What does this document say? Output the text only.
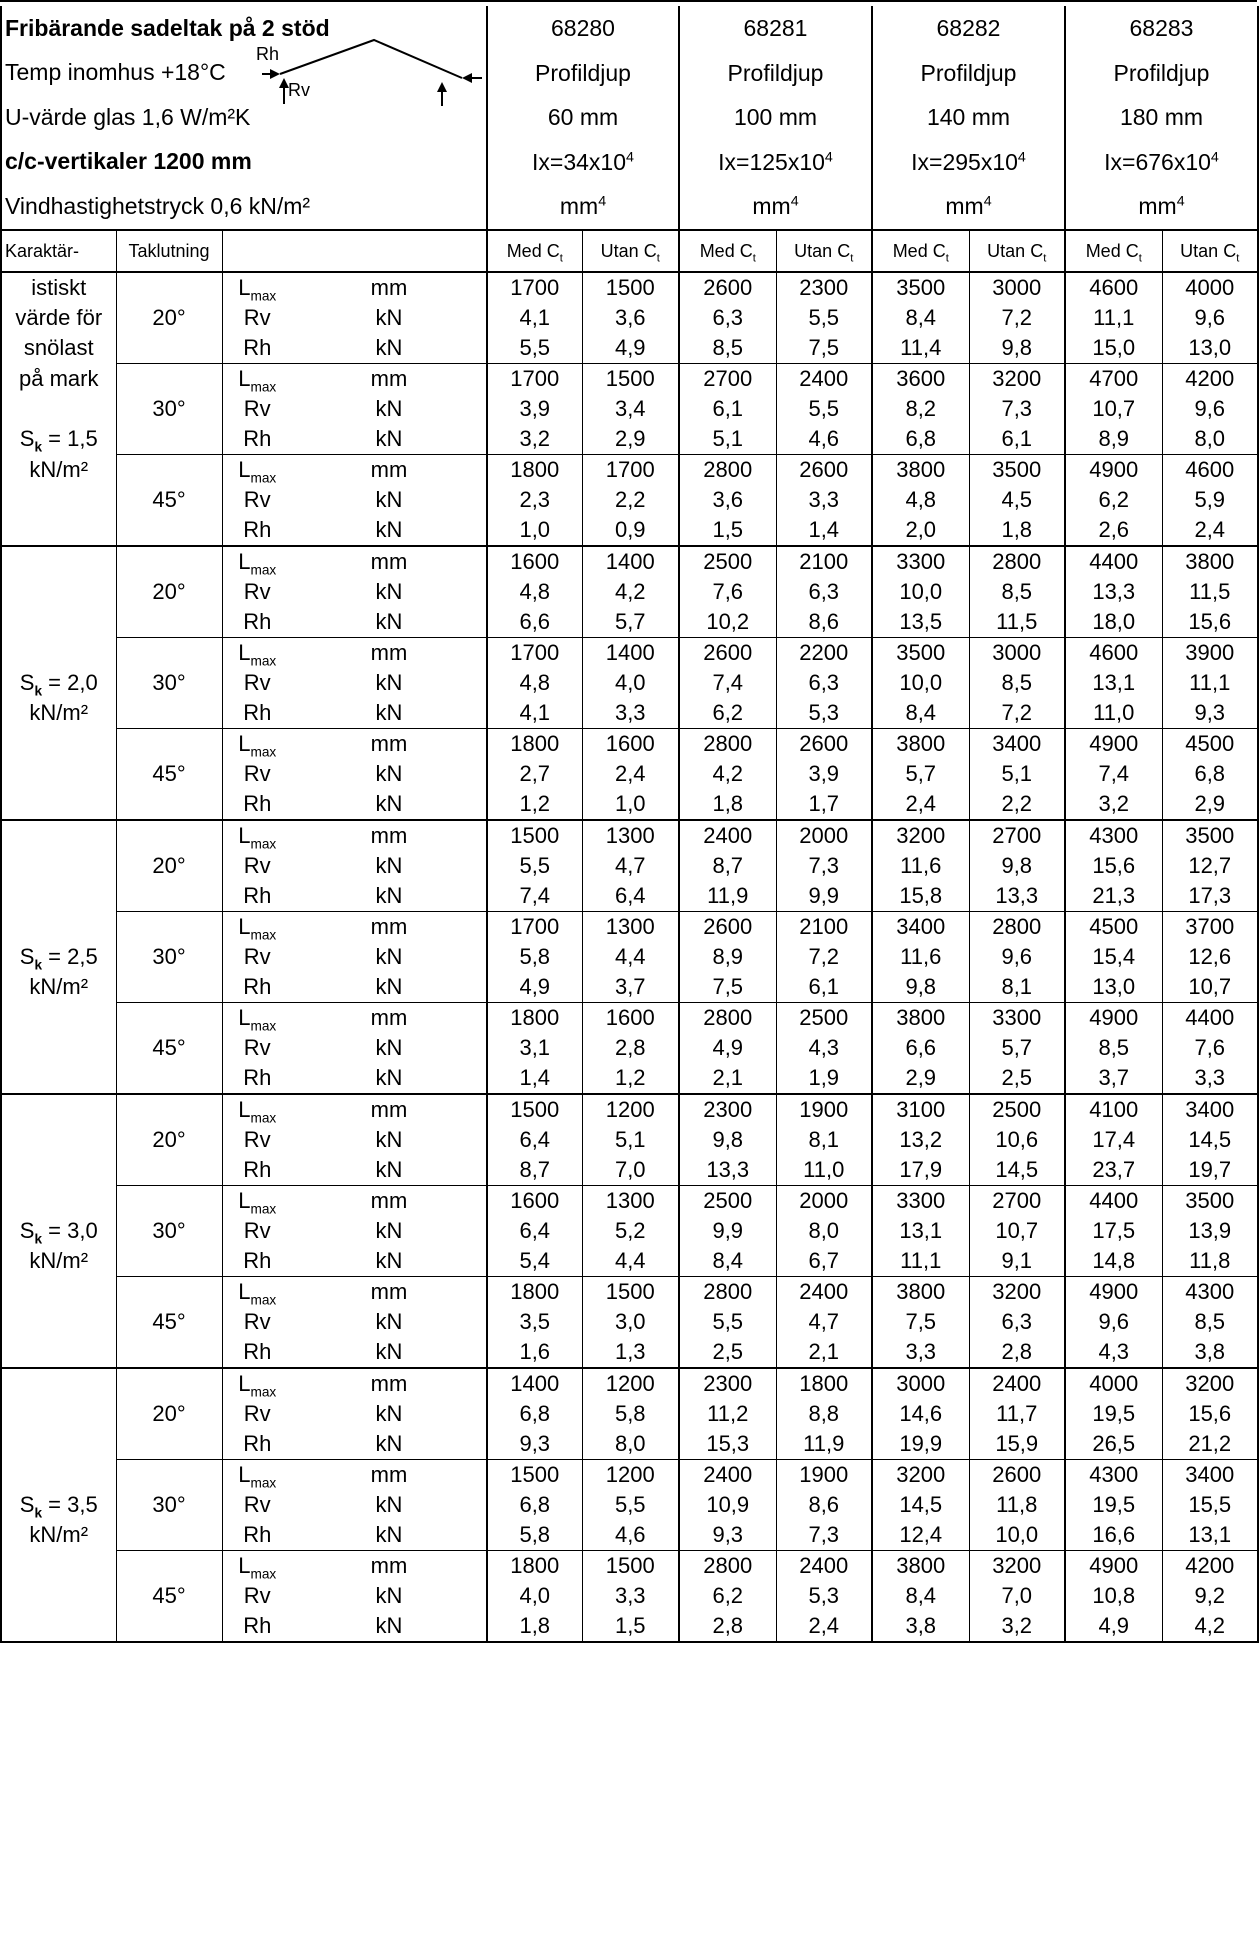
Fribärande sadeltak på 2 stöd	68280	68281	68282	68283
Temp inomhus +18°C	Profildjup	Profildjup	Profildjup	Profildjup
U-värde glas 1,6 W/m²K	60 mm	100 mm	140 mm	180 mm
c/c-vertikaler 1200 mm	$Ix=34x10^4$	$Ix=125x10^4$	$Ix=295x10^4$	$Ix=676x10^4$
Vindhastighetstryck 0,6 kN/m²	$mm^4$	$mm^4$	$mm^4$	$mm^4$
Rh
Rv
Karaktär-	Taklutning			Med $C_t$	Utan $C_t$	Med $C_t$	Utan $C_t$	Med $C_t$	Utan $C_t$	Med $C_t$	Utan $C_t$
istiskt		$L_{max}$	mm	1700	1500	2600	2300	3500	3000	4600	4000
värde för	20°	Rv	kN	4,1	3,6	6,3	5,5	8,4	7,2	11,1	9,6
snölast		Rh	kN	5,5	4,9	8,5	7,5	11,4	9,8	15,0	13,0
på mark		$L_{max}$	mm	1700	1500	2700	2400	3600	3200	4700	4200
	30°	Rv	kN	3,9	3,4	6,1	5,5	8,2	7,3	10,7	9,6
$S_k = 1,5$		Rh	kN	3,2	2,9	5,1	4,6	6,8	6,1	8,9	8,0
kN/m²		$L_{max}$	mm	1800	1700	2800	2600	3800	3500	4900	4600
	45°	Rv	kN	2,3	2,2	3,6	3,3	4,8	4,5	6,2	5,9
		Rh	kN	1,0	0,9	1,5	1,4	2,0	1,8	2,6	2,4
		$L_{max}$	mm	1600	1400	2500	2100	3300	2800	4400	3800
	20°	Rv	kN	4,8	4,2	7,6	6,3	10,0	8,5	13,3	11,5
		Rh	kN	6,6	5,7	10,2	8,6	13,5	11,5	18,0	15,6
		$L_{max}$	mm	1700	1400	2600	2200	3500	3000	4600	3900
$S_k = 2,0$	30°	Rv	kN	4,8	4,0	7,4	6,3	10,0	8,5	13,1	11,1
kN/m²		Rh	kN	4,1	3,3	6,2	5,3	8,4	7,2	11,0	9,3
		$L_{max}$	mm	1800	1600	2800	2600	3800	3400	4900	4500
	45°	Rv	kN	2,7	2,4	4,2	3,9	5,7	5,1	7,4	6,8
		Rh	kN	1,2	1,0	1,8	1,7	2,4	2,2	3,2	2,9
		$L_{max}$	mm	1500	1300	2400	2000	3200	2700	4300	3500
	20°	Rv	kN	5,5	4,7	8,7	7,3	11,6	9,8	15,6	12,7
		Rh	kN	7,4	6,4	11,9	9,9	15,8	13,3	21,3	17,3
		$L_{max}$	mm	1700	1300	2600	2100	3400	2800	4500	3700
$S_k = 2,5$	30°	Rv	kN	5,8	4,4	8,9	7,2	11,6	9,6	15,4	12,6
kN/m²		Rh	kN	4,9	3,7	7,5	6,1	9,8	8,1	13,0	10,7
		$L_{max}$	mm	1800	1600	2800	2500	3800	3300	4900	4400
	45°	Rv	kN	3,1	2,8	4,9	4,3	6,6	5,7	8,5	7,6
		Rh	kN	1,4	1,2	2,1	1,9	2,9	2,5	3,7	3,3
		$L_{max}$	mm	1500	1200	2300	1900	3100	2500	4100	3400
	20°	Rv	kN	6,4	5,1	9,8	8,1	13,2	10,6	17,4	14,5
		Rh	kN	8,7	7,0	13,3	11,0	17,9	14,5	23,7	19,7
		$L_{max}$	mm	1600	1300	2500	2000	3300	2700	4400	3500
$S_k = 3,0$	30°	Rv	kN	6,4	5,2	9,9	8,0	13,1	10,7	17,5	13,9
kN/m²		Rh	kN	5,4	4,4	8,4	6,7	11,1	9,1	14,8	11,8
		$L_{max}$	mm	1800	1500	2800	2400	3800	3200	4900	4300
	45°	Rv	kN	3,5	3,0	5,5	4,7	7,5	6,3	9,6	8,5
		Rh	kN	1,6	1,3	2,5	2,1	3,3	2,8	4,3	3,8
		$L_{max}$	mm	1400	1200	2300	1800	3000	2400	4000	3200
	20°	Rv	kN	6,8	5,8	11,2	8,8	14,6	11,7	19,5	15,6
		Rh	kN	9,3	8,0	15,3	11,9	19,9	15,9	26,5	21,2
		$L_{max}$	mm	1500	1200	2400	1900	3200	2600	4300	3400
$S_k = 3,5$	30°	Rv	kN	6,8	5,5	10,9	8,6	14,5	11,8	19,5	15,5
kN/m²		Rh	kN	5,8	4,6	9,3	7,3	12,4	10,0	16,6	13,1
		$L_{max}$	mm	1800	1500	2800	2400	3800	3200	4900	4200
	45°	Rv	kN	4,0	3,3	6,2	5,3	8,4	7,0	10,8	9,2
		Rh	kN	1,8	1,5	2,8	2,4	3,8	3,2	4,9	4,2
